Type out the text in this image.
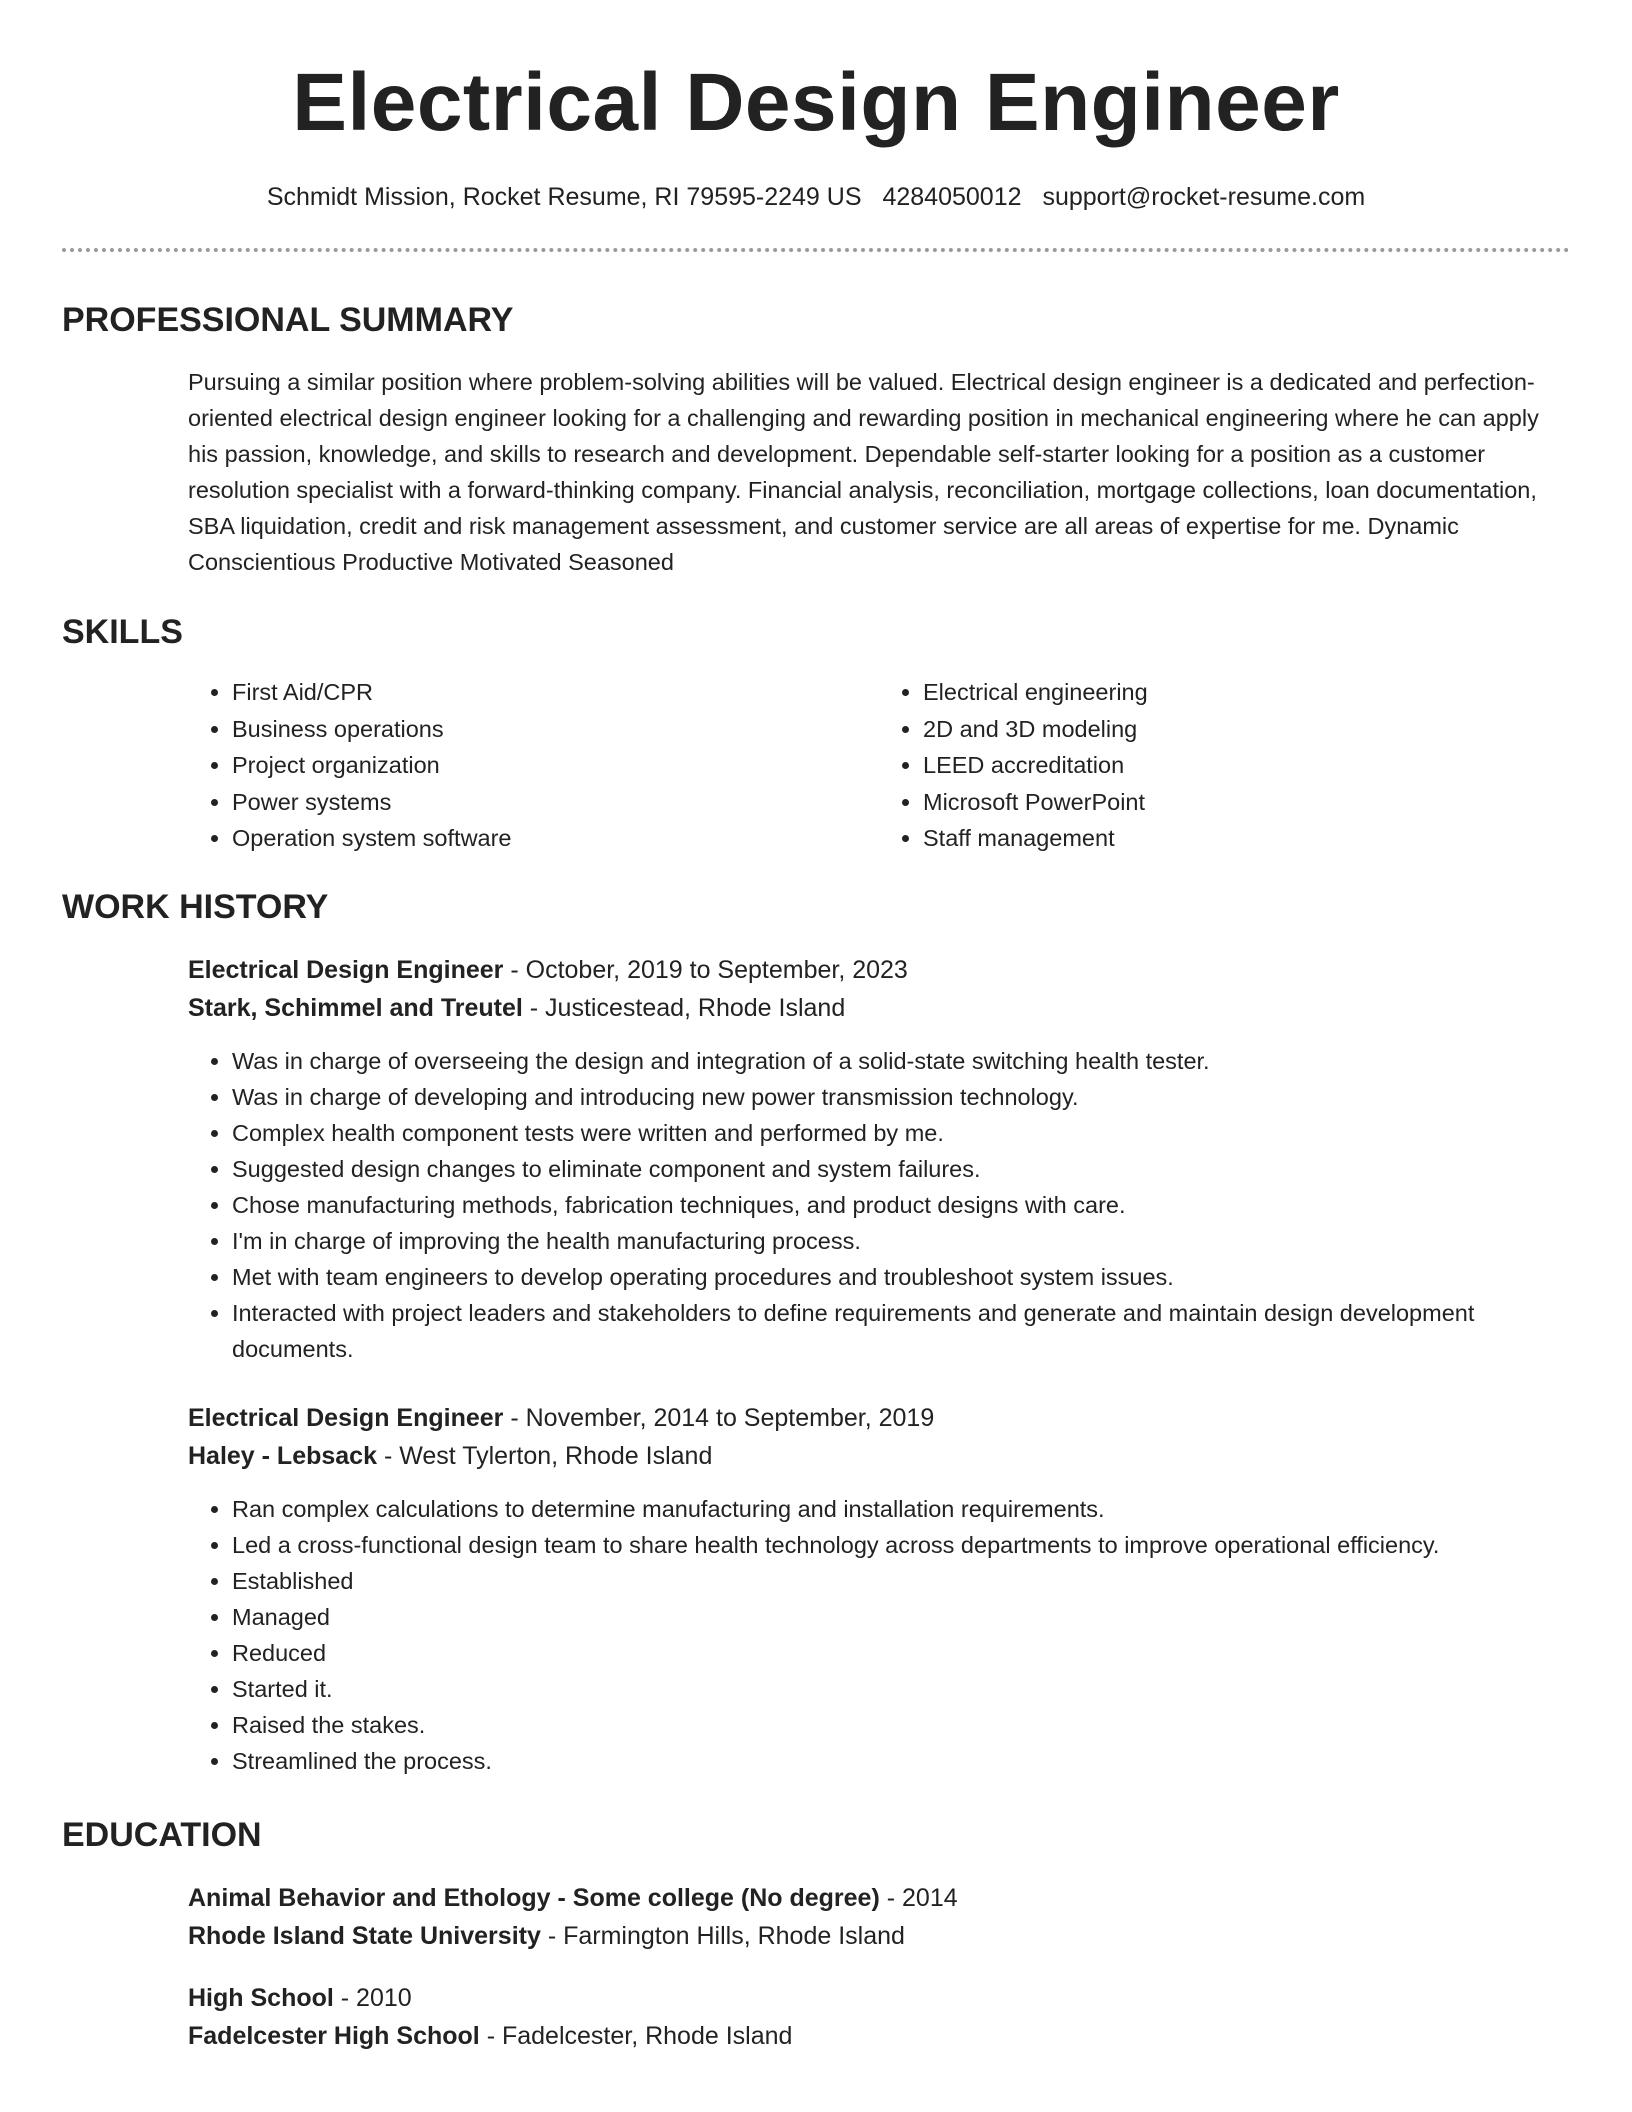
Electrical Design Engineer
Schmidt Mission, Rocket Resume, RI 79595-2249 US 4284050012 support@rocket-resume.com
PROFESSIONAL SUMMARY
Pursuing a similar position where problem-solving abilities will be valued. Electrical design engineer is a dedicated and perfection-oriented electrical design engineer looking for a challenging and rewarding position in mechanical engineering where he can apply his passion, knowledge, and skills to research and development. Dependable self-starter looking for a position as a customer resolution specialist with a forward-thinking company. Financial analysis, reconciliation, mortgage collections, loan documentation, SBA liquidation, credit and risk management assessment, and customer service are all areas of expertise for me. Dynamic Conscientious Productive Motivated Seasoned
SKILLS
• First Aid/CPR
• Business operations
• Project organization
• Power systems
• Operation system software
• Electrical engineering
• 2D and 3D modeling
• LEED accreditation
• Microsoft PowerPoint
• Staff management
WORK HISTORY
Electrical Design Engineer - October, 2019 to September, 2023
Stark, Schimmel and Treutel - Justicestead, Rhode Island
• Was in charge of overseeing the design and integration of a solid-state switching health tester.
• Was in charge of developing and introducing new power transmission technology.
• Complex health component tests were written and performed by me.
• Suggested design changes to eliminate component and system failures.
• Chose manufacturing methods, fabrication techniques, and product designs with care.
• I'm in charge of improving the health manufacturing process.
• Met with team engineers to develop operating procedures and troubleshoot system issues.
• Interacted with project leaders and stakeholders to define requirements and generate and maintain design development documents.
Electrical Design Engineer - November, 2014 to September, 2019
Haley - Lebsack - West Tylerton, Rhode Island
• Ran complex calculations to determine manufacturing and installation requirements.
• Led a cross-functional design team to share health technology across departments to improve operational efficiency.
• Established
• Managed
• Reduced
• Started it.
• Raised the stakes.
• Streamlined the process.
EDUCATION
Animal Behavior and Ethology - Some college (No degree) - 2014
Rhode Island State University - Farmington Hills, Rhode Island
High School - 2010
Fadelcester High School - Fadelcester, Rhode Island
